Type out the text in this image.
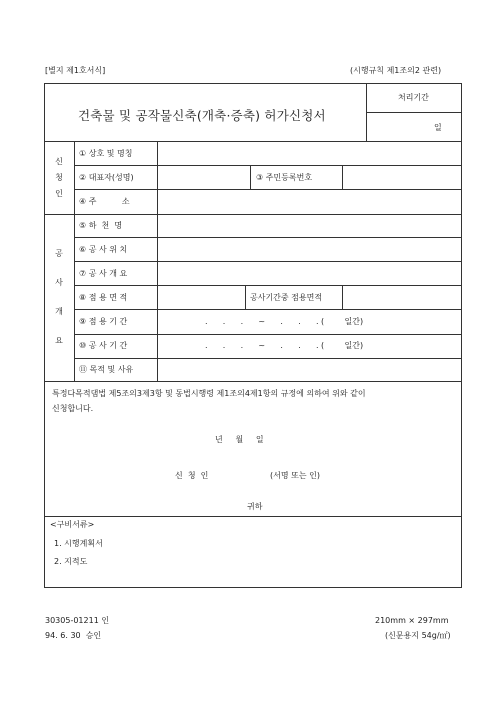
[별지 제1호서식]	(시행규칙 제1조의2 관련)
건축물 및 공작물신축(개축·증축) 허가신청서
처리기간
일
신
청
인
① 상호 및 명칭
② 대표자(성명)	③ 주민등록번호
④ 주          소
공
사
개
요
⑤ 하  천  명
⑥ 공 사 위 치
⑦ 공 사 개 요
⑧ 점 용 면 적	공사기간중 점용면적
⑨ 점 용 기 간	.      .      .      ~      .      .      . (        일간)
⑩ 공 사 기 간	.      .      .      ~      .      .      . (        일간)
⑪ 목적 및 사유
특정다목적댐법 제5조의3제3항 및 동법시행령 제1조의4제1항의 규정에 의하여 위와 같이
신청합니다.
년     월     일
신  청  인	(서명 또는 인)
귀하
<구비서류>
1. 시행계획서
2. 지적도
30305-01211 인
94. 6. 30  승인
210mm × 297mm
(신문용지 54g/㎡)
